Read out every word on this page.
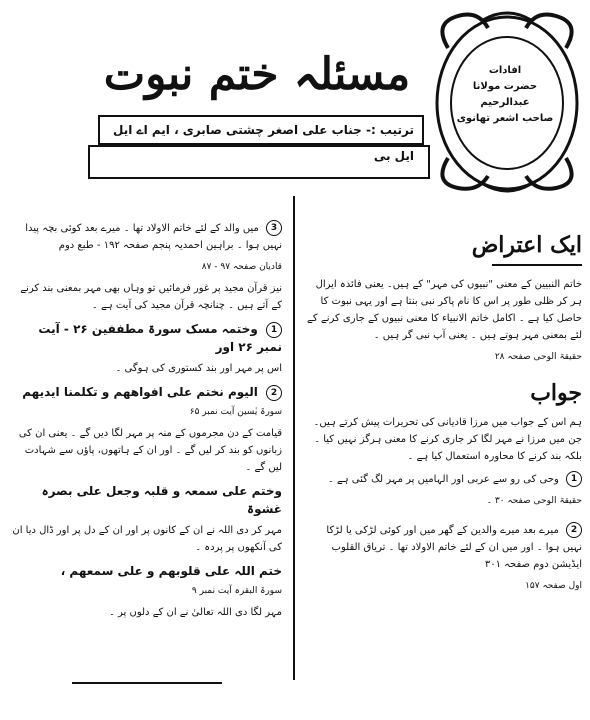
مسئلہ ختم نبوت
ترتیب :- جناب علی اصغر چشتی صابری ، ایم اے ایل ایل بی
افادات
حضرت مولانا عبدالرحیم
صاحب اشعر تھانوی
ایک اعتراض

خاتم النبیین کے معنی "نبیوں کی مہر" کے ہیں۔ یعنی فائدہ ایرال ہر کر ظلی طور پر اس کا نام پاکر نبی بنتا ہے اور یہی نبوت کا حاصل کیا ہے ۔ اکامل خاتم الانبیاء کا معنی نبیوں کے جاری کرنے کے لئے بمعنی مہر ہوتے ہیں ۔ یعنی آپ نبی گر ہیں ۔

حقیقۃ الوحی صفحہ ۲۸

جواب

ہم اس کے جواب میں مرزا قادیانی کی تحریرات پیش کرتے ہیں۔ جن میں مرزا نے مہر لگا کر جاری کرنے کا معنی ہرگز نہیں کیا ۔ بلکہ بند کرنے کا محاورہ استعمال کیا ہے ۔

1 وحی کی رو سے عربی اور الہامیں پر مہر لگ گئی ہے ۔

حقیقۃ الوحی صفحہ ۳۰ ۔

2 میرے بعد میرے والدین کے گھر میں اور کوئی لڑکی یا لڑکا نہیں ہوا ۔ اور میں ان کے لئے خاتم الاولاد تھا ۔ تریاق القلوب ایڈیشن دوم صفحہ ۳۰۱

اول صفحہ ۱۵۷

3 میں والد کے لئے خاتم الاولاد تھا ۔ میرے بعد کوئی بچہ پیدا نہیں ہوا ۔ براہین احمدیہ پنجم صفحہ ۱۹۲ - طبع دوم

قادیان صفحہ ۹۷ - ۸۷

نیز قرآن مجید پر غور فرمائیں تو وہاں بھی مہر بمعنی بند کرنے کے آتے ہیں ۔ چنانچہ قرآن مجید کی آیت ہے ۔

1 وختمہ مسک سورۃ مطففین ۲۶ - آیت نمبر ۲۶ اور

اس پر مہر اور بند کستوری کی ہوگی ۔

2 الیوم نختم علی افواھھم و تکلمنا ایدیھم

سورۃ یٰسین آیت نمبر ۶۵

قیامت کے دن مجرموں کے منہ پر مہر لگا دیں گے ۔ یعنی ان کی زبانوں کو بند کر لیں گے ۔ اور ان کے ہاتھوں، پاؤں سے شہادت لیں گے ۔

وختم علی سمعہ و قلبہ وجعل علی بصرہ غشوۃ

مہر کر دی اللہ نے ان کے کانوں پر اور ان کے دل پر اور ڈال دیا ان کی آنکھوں پر پردہ ۔

ختم اللہ علی قلوبھم و علی سمعھم ،

سورۃ البقرہ آیت نمبر ۹

مہر لگا دی اللہ تعالیٰ نے ان کے دلوں پر ۔
